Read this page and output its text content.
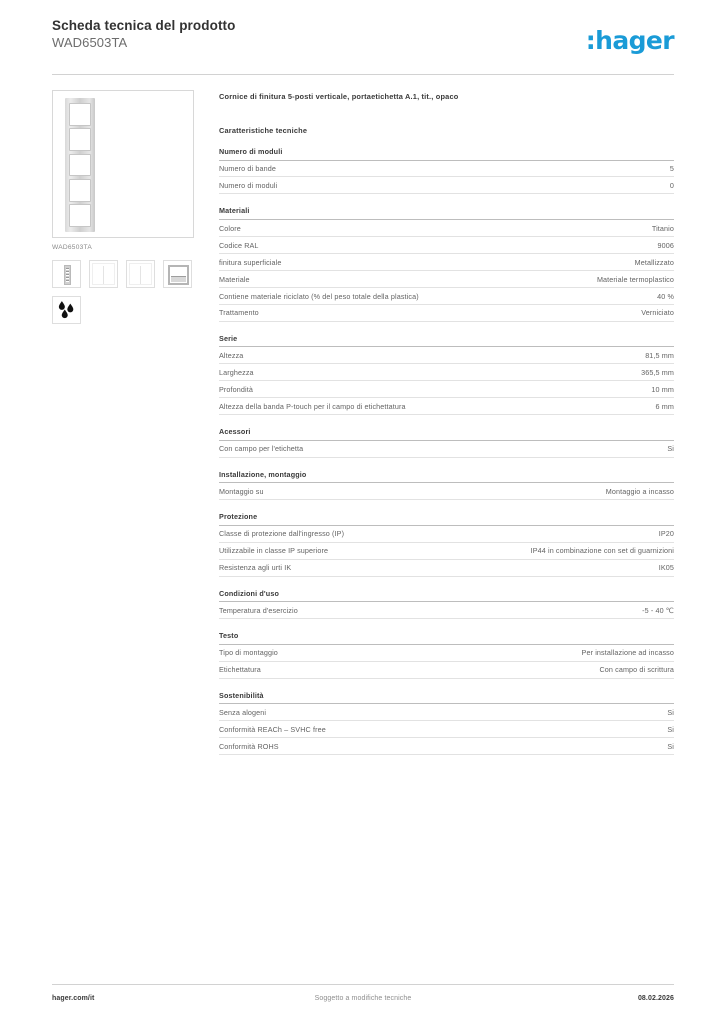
Scheda tecnica del prodotto
WAD6503TA	:hager
WAD6503TA
Cornice di finitura 5-posti verticale, portaetichetta A.1, tit., opaco
Caratteristiche tecniche
Numero di moduli
Numero di bande	5
Numero di moduli	0
Materiali
Colore	Titanio
Codice RAL	9006
finitura superficiale	Metallizzato
Materiale	Materiale termoplastico
Contiene materiale riciclato (% del peso totale della plastica)	40 %
Trattamento	Verniciato
Serie
Altezza	81,5 mm
Larghezza	365,5 mm
Profondità	10 mm
Altezza della banda P-touch per il campo di etichettatura	6 mm
Acessori
Con campo per l'etichetta	Si
Installazione, montaggio
Montaggio su	Montaggio a incasso
Protezione
Classe di protezione dall'ingresso (IP)	IP20
Utilizzabile in classe IP superiore	IP44 in combinazione con set di guarnizioni
Resistenza agli urti IK	IK05
Condizioni d'uso
Temperatura d'esercizio	-5 - 40 ℃
Testo
Tipo di montaggio	Per installazione ad incasso
Etichettatura	Con campo di scrittura
Sostenibilità
Senza alogeni	Si
Conformità REACh – SVHC free	Si
Conformità ROHS	Si
hager.com/it	Soggetto a modifiche tecniche	08.02.2026
